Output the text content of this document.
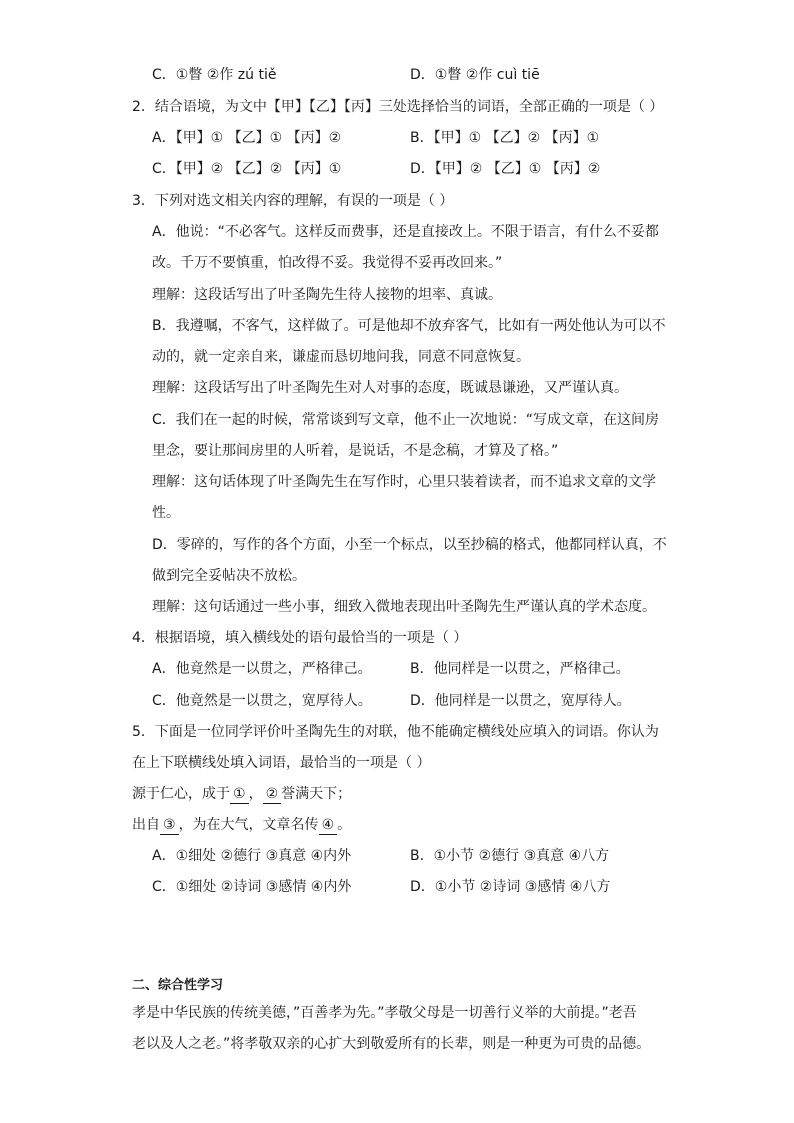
C．①瞥 ②作 zú tiě	D．①瞥 ②作 cuì tiē
2．结合语境，为文中【甲】【乙】【丙】三处选择恰当的词语，全部正确的一项是（ ）
A．【甲】① 【乙】① 【丙】②	B．【甲】① 【乙】② 【丙】①
C．【甲】② 【乙】② 【丙】①	D．【甲】② 【乙】① 【丙】②
3．下列对选文相关内容的理解，有误的一项是（ ）
A．他说：“不必客气。这样反而费事，还是直接改上。不限于语言，有什么不妥都
改。千万不要慎重，怕改得不妥。我觉得不妥再改回来。”
理解：这段话写出了叶圣陶先生待人接物的坦率、真诚。
B．我遵嘱，不客气，这样做了。可是他却不放弃客气，比如有一两处他认为可以不
动的，就一定亲自来，谦虚而恳切地问我，同意不同意恢复。
理解：这段话写出了叶圣陶先生对人对事的态度，既诚恳谦逊，又严谨认真。
C．我们在一起的时候，常常谈到写文章，他不止一次地说：“写成文章，在这间房
里念，要让那间房里的人听着，是说话，不是念稿，才算及了格。”
理解：这句话体现了叶圣陶先生在写作时，心里只装着读者，而不追求文章的文学
性。
D．零碎的，写作的各个方面，小至一个标点，以至抄稿的格式，他都同样认真，不
做到完全妥帖决不放松。
理解：这句话通过一些小事，细致入微地表现出叶圣陶先生严谨认真的学术态度。
4．根据语境，填入横线处的语句最恰当的一项是（ ）
A．他竟然是一以贯之，严格律己。	B．他同样是一以贯之，严格律己。
C．他竟然是一以贯之，宽厚待人。	D．他同样是一以贯之，宽厚待人。
5．下面是一位同学评价叶圣陶先生的对联，他不能确定横线处应填入的词语。你认为
在上下联横线处填入词语，最恰当的一项是（ ）
源于仁心，成于 ① ， ② 誉满天下；
出自 ③ ，为在大气，文章名传 ④ 。
A．①细处 ②德行 ③真意 ④内外	B．①小节 ②德行 ③真意 ④八方
C．①细处 ②诗词 ③感情 ④内外	D．①小节 ②诗词 ③感情 ④八方
二、综合性学习
孝是中华民族的传统美德，”百善孝为先。”孝敬父母是一切善行义举的大前提。”老吾
老以及人之老。”将孝敬双亲的心扩大到敬爱所有的长辈，则是一种更为可贵的品德。
